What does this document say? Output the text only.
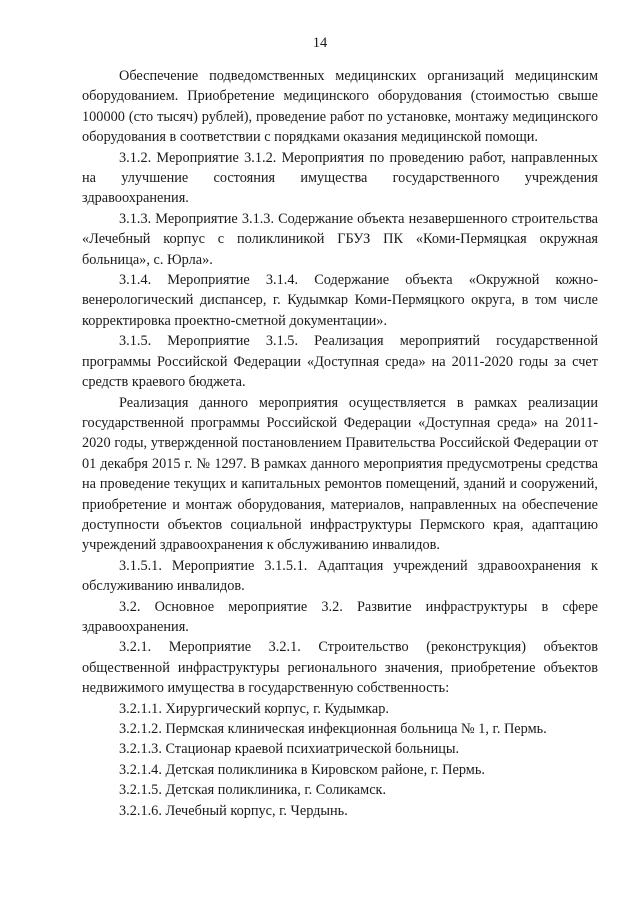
14

Обеспечение подведомственных медицинских организаций медицинским оборудованием. Приобретение медицинского оборудования (стоимостью свыше 100000 (сто тысяч) рублей), проведение работ по установке, монтажу медицинского оборудования в соответствии с порядками оказания медицинской помощи.

3.1.2. Мероприятие 3.1.2. Мероприятия по проведению работ, направленных на улучшение состояния имущества государственного учреждения здравоохранения.

3.1.3. Мероприятие 3.1.3. Содержание объекта незавершенного строительства «Лечебный корпус с поликлиникой ГБУЗ ПК «Коми-Пермяцкая окружная больница», с. Юрла».

3.1.4. Мероприятие 3.1.4. Содержание объекта «Окружной кожно-венерологический диспансер, г. Кудымкар Коми-Пермяцкого округа, в том числе корректировка проектно-сметной документации».

3.1.5. Мероприятие 3.1.5. Реализация мероприятий государственной программы Российской Федерации «Доступная среда» на 2011-2020 годы за счет средств краевого бюджета.

Реализация данного мероприятия осуществляется в рамках реализации государственной программы Российской Федерации «Доступная среда» на 2011-2020 годы, утвержденной постановлением Правительства Российской Федерации от 01 декабря 2015 г. № 1297. В рамках данного мероприятия предусмотрены средства на проведение текущих и капитальных ремонтов помещений, зданий и сооружений, приобретение и монтаж оборудования, материалов, направленных на обеспечение доступности объектов социальной инфраструктуры Пермского края, адаптацию учреждений здравоохранения к обслуживанию инвалидов.

3.1.5.1. Мероприятие 3.1.5.1. Адаптация учреждений здравоохранения к обслуживанию инвалидов.

3.2. Основное мероприятие 3.2. Развитие инфраструктуры в сфере здравоохранения.

3.2.1. Мероприятие 3.2.1. Строительство (реконструкция) объектов общественной инфраструктуры регионального значения, приобретение объектов недвижимого имущества в государственную собственность:

3.2.1.1. Хирургический корпус, г. Кудымкар.

3.2.1.2. Пермская клиническая инфекционная больница № 1, г. Пермь.

3.2.1.3. Стационар краевой психиатрической больницы.

3.2.1.4. Детская поликлиника в Кировском районе, г. Пермь.

3.2.1.5. Детская поликлиника, г. Соликамск.

3.2.1.6. Лечебный корпус, г. Чердынь.
